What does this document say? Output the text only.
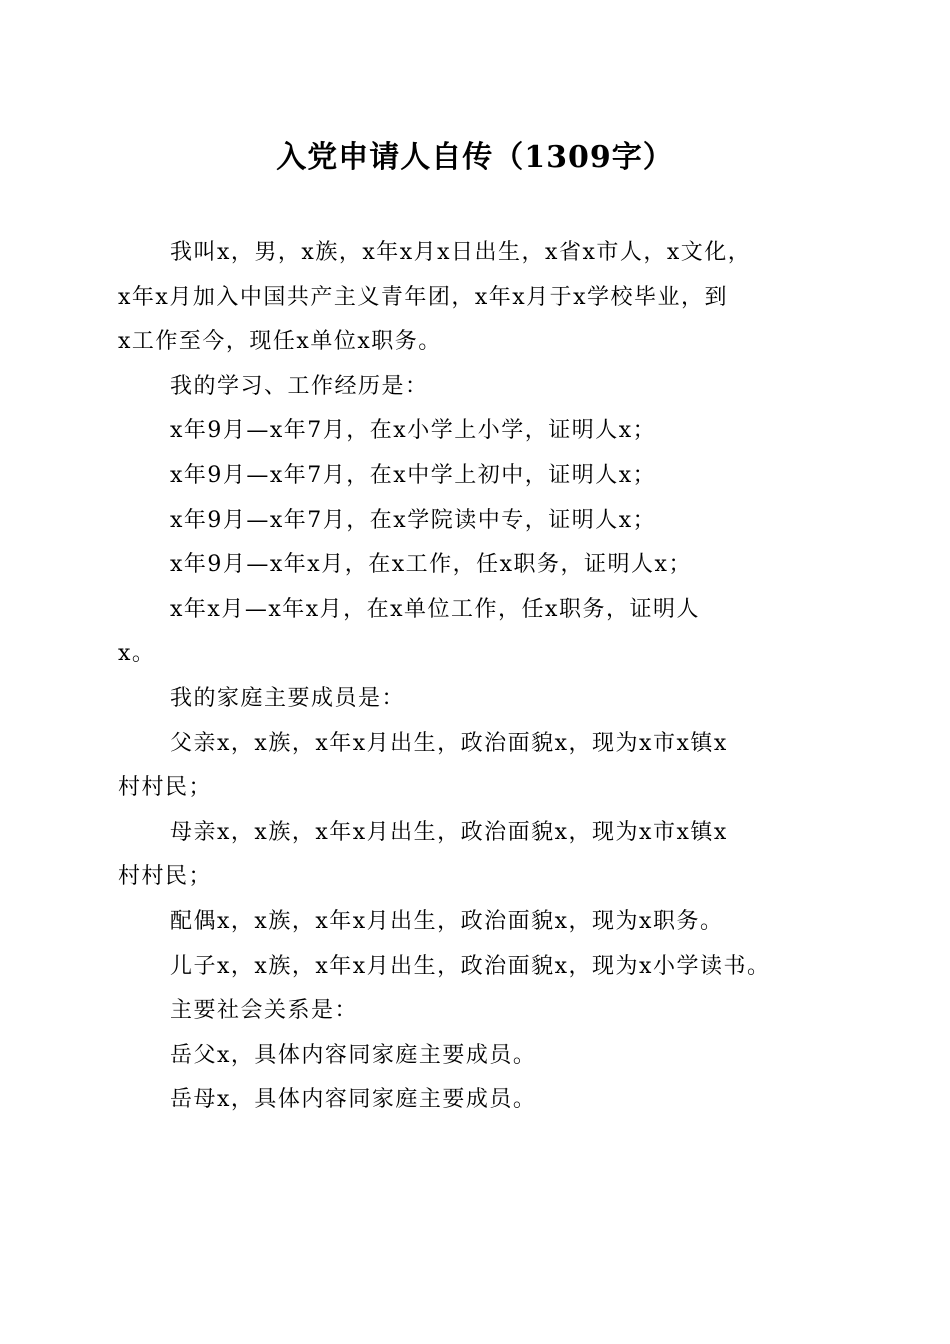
入党申请人自传（1309字）

我叫x，男，x族，x年x月x日出生，x省x市人，x文化，
x年x月加入中国共产主义青年团，x年x月于x学校毕业，到
x工作至今，现任x单位x职务。

我的学习、工作经历是：

x年9月—x年7月，在x小学上小学，证明人x；

x年9月—x年7月，在x中学上初中，证明人x；

x年9月—x年7月，在x学院读中专，证明人x；

x年9月—x年x月，在x工作，任x职务，证明人x；

x年x月—x年x月，在x单位工作，任x职务，证明人
x。

我的家庭主要成员是：

父亲x，x族，x年x月出生，政治面貌x，现为x市x镇x
村村民；

母亲x，x族，x年x月出生，政治面貌x，现为x市x镇x
村村民；

配偶x，x族，x年x月出生，政治面貌x，现为x职务。

儿子x，x族，x年x月出生，政治面貌x，现为x小学读书。

主要社会关系是：

岳父x，具体内容同家庭主要成员。

岳母x，具体内容同家庭主要成员。
